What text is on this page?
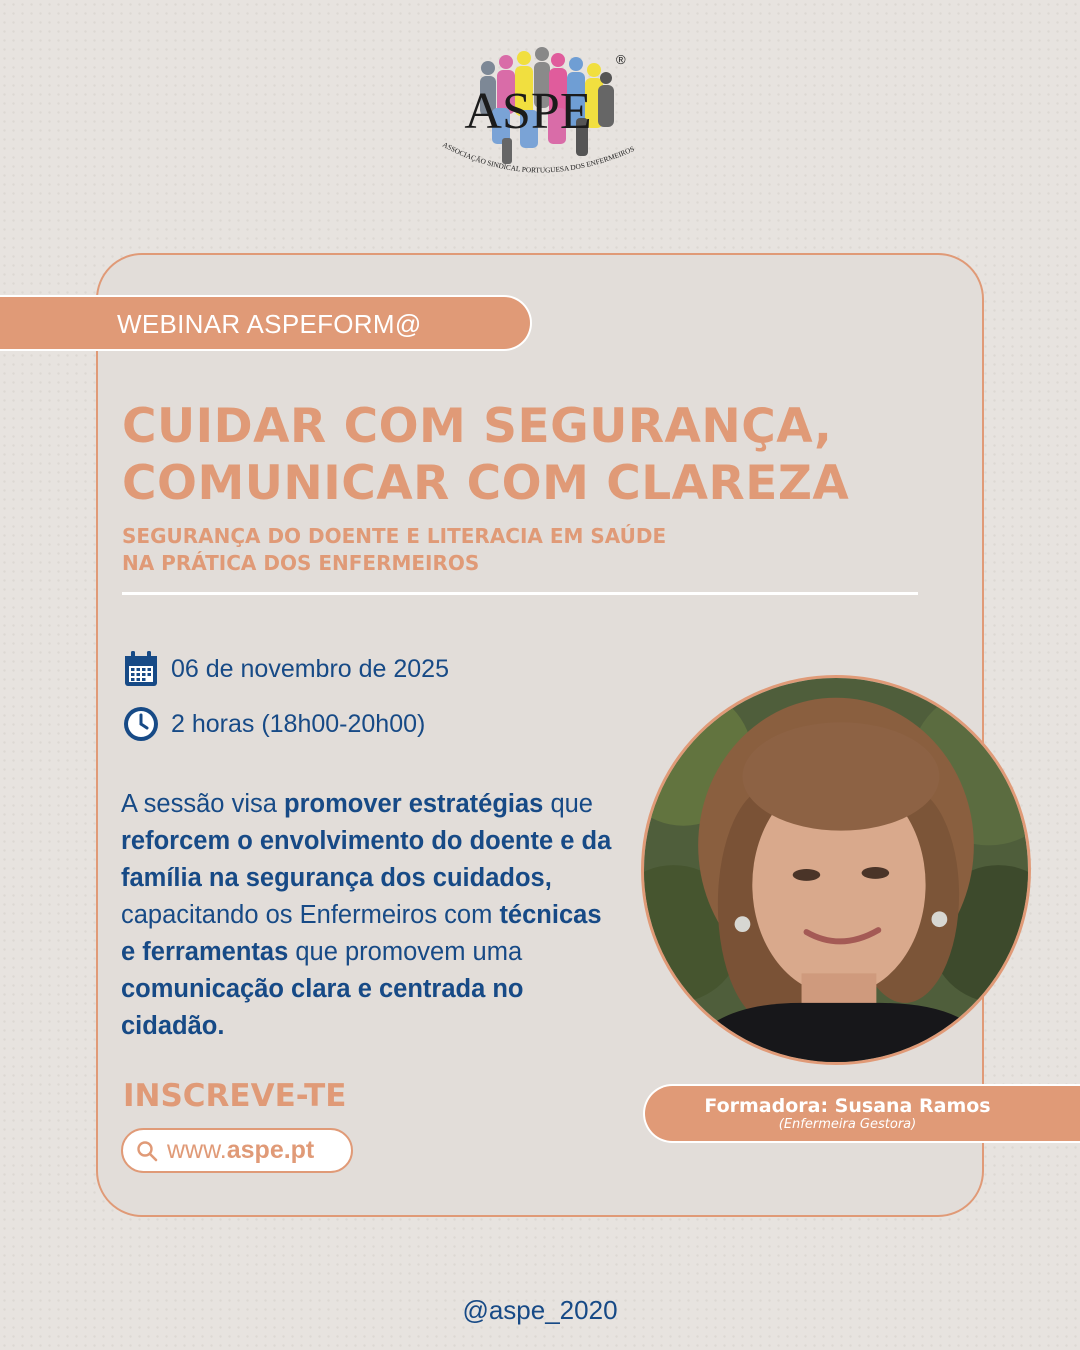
ASPE
®
ASSOCIAÇÃO SINDICAL PORTUGUESA DOS ENFERMEIROS
WEBINAR ASPEFORM@
CUIDAR COM SEGURANÇA,
COMUNICAR COM CLAREZA
SEGURANÇA DO DOENTE E LITERACIA EM SAÚDE
NA PRÁTICA DOS ENFERMEIROS
06 de novembro de 2025
2 horas (18h00-20h00)

A sessão visa promover estratégias que reforcem o envolvimento do doente e da família na segurança dos cuidados, capacitando os Enfermeiros com técnicas e ferramentas que promovem uma comunicação clara e centrada no cidadão.

INSCREVE-TE
www. aspe.pt
Formadora: Susana Ramos
(Enfermeira Gestora)
@aspe_2020
